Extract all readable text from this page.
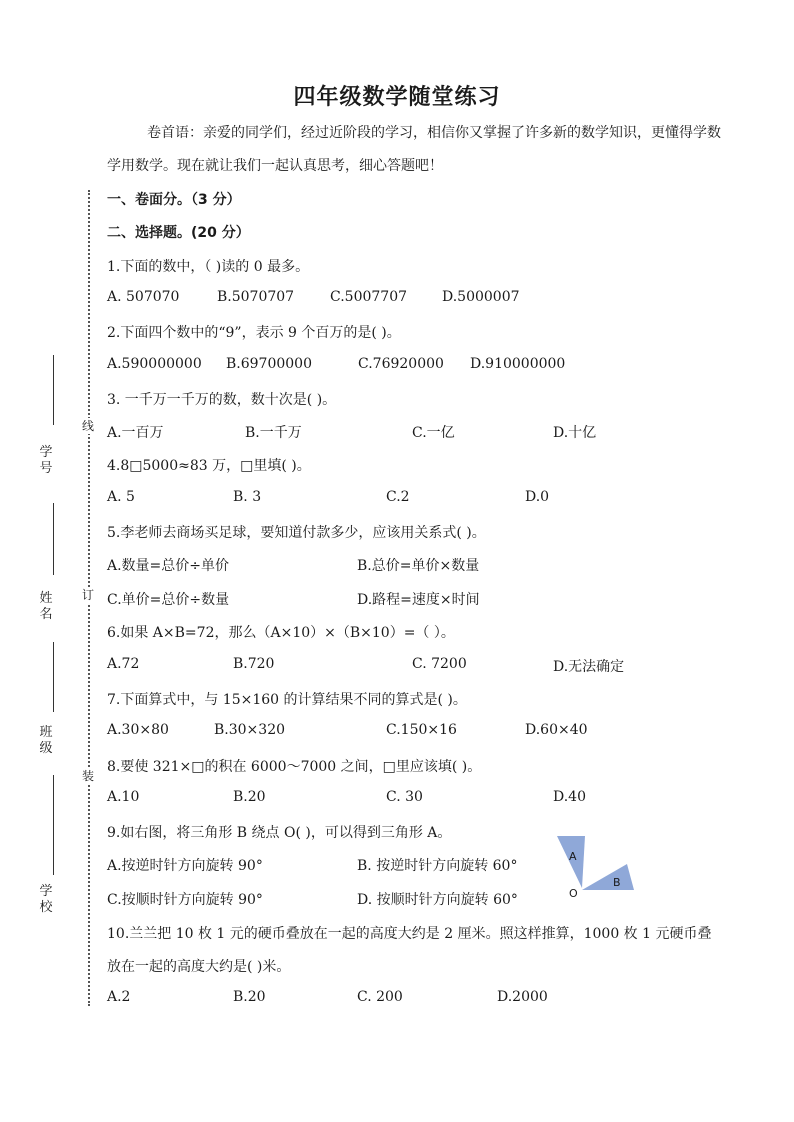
四年级数学随堂练习
卷首语：亲爱的同学们，经过近阶段的学习，相信你又掌握了许多新的数学知识，更懂得学数学用数学。现在就让我们一起认真思考，细心答题吧！
一、卷面分。（3 分）
二、选择题。(20 分）
线
订
装
学号
姓名
班级
学校
1.下面的数中，（ )读的 0 最多。
A. 507070	B.5070707	C.5007707 D.5000007
2.下面四个数中的“9”，表示 9 个百万的是( )。
A.590000000 B.69700000	C.76920000 D.910000000
3. 一千万一千万的数，数十次是( )。
A.一百万	B.一千万	C.一亿	D.十亿
4.8□5000≈83 万，□里填( )。
A. 5	B. 3	C.2	D.0
5.李老师去商场买足球，要知道付款多少，应该用关系式( )。
A.数量=总价÷单价	B.总价=单价×数量
C.单价=总价÷数量	D.路程=速度×时间
6.如果 A×B=72，那么（A×10）×（B×10）=（ ）。
A.72	B.720	C. 7200	D.无法确定
7.下面算式中，与 15×160 的计算结果不同的算式是( )。
A.30×80	B.30×320	C.150×16	D.60×40
8.要使 321×□的积在 6000～7000 之间，□里应该填( )。
A.10	B.20	C. 30	D.40
9.如右图，将三角形 B 绕点 O( )，可以得到三角形 A。
A.按逆时针方向旋转 90°	B. 按逆时针方向旋转 60°
C.按顺时针方向旋转 90°	D. 按顺时针方向旋转 60°
A
B
O
10.兰兰把 10 枚 1 元的硬币叠放在一起的高度大约是 2 厘米。照这样推算，1000 枚 1 元硬币叠放在一起的高度大约是( )米。
A.2	B.20	C. 200	D.2000
